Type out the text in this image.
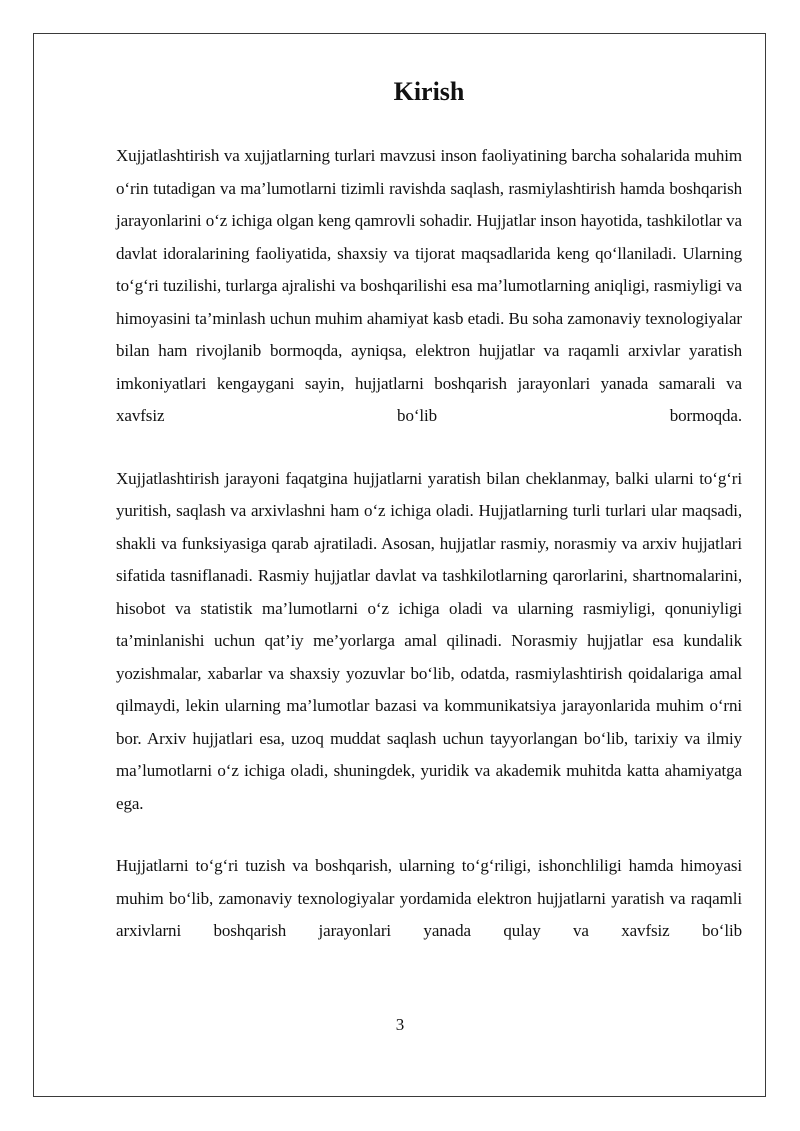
Kirish

Xujjatlashtirish va xujjatlarning turlari mavzusi inson faoliyatining barcha sohalarida muhim o‘rin tutadigan va ma’lumotlarni tizimli ravishda saqlash, rasmiylashtirish hamda boshqarish jarayonlarini o‘z ichiga olgan keng qamrovli sohadir. Hujjatlar inson hayotida, tashkilotlar va davlat idoralarining faoliyatida, shaxsiy va tijorat maqsadlarida keng qo‘llaniladi. Ularning to‘g‘ri tuzilishi, turlarga ajralishi va boshqarilishi esa ma’lumotlarning aniqligi, rasmiyligi va himoyasini ta’minlash uchun muhim ahamiyat kasb etadi. Bu soha zamonaviy texnologiyalar bilan ham rivojlanib bormoqda, ayniqsa, elektron hujjatlar va raqamli arxivlar yaratish imkoniyatlari kengaygani sayin, hujjatlarni boshqarish jarayonlari yanada samarali va xavfsiz bo‘lib bormoqda.

Xujjatlashtirish jarayoni faqatgina hujjatlarni yaratish bilan cheklanmay, balki ularni to‘g‘ri yuritish, saqlash va arxivlashni ham o‘z ichiga oladi. Hujjatlarning turli turlari ular maqsadi, shakli va funksiyasiga qarab ajratiladi. Asosan, hujjatlar rasmiy, norasmiy va arxiv hujjatlari sifatida tasniflanadi. Rasmiy hujjatlar davlat va tashkilotlarning qarorlarini, shartnomalarini, hisobot va statistik ma’lumotlarni o‘z ichiga oladi va ularning rasmiyligi, qonuniyligi ta’minlanishi uchun qat’iy me’yorlarga amal qilinadi. Norasmiy hujjatlar esa kundalik yozishmalar, xabarlar va shaxsiy yozuvlar bo‘lib, odatda, rasmiylashtirish qoidalariga amal qilmaydi, lekin ularning ma’lumotlar bazasi va kommunikatsiya jarayonlarida muhim o‘rni bor. Arxiv hujjatlari esa, uzoq muddat saqlash uchun tayyorlangan bo‘lib, tarixiy va ilmiy ma’lumotlarni o‘z ichiga oladi, shuningdek, yuridik va akademik muhitda katta ahamiyatga ega.

Hujjatlarni to‘g‘ri tuzish va boshqarish, ularning to‘g‘riligi, ishonchliligi hamda himoyasi muhim bo‘lib, zamonaviy texnologiyalar yordamida elektron hujjatlarni yaratish va raqamli arxivlarni boshqarish jarayonlari yanada qulay va xavfsiz bo‘lib

3
